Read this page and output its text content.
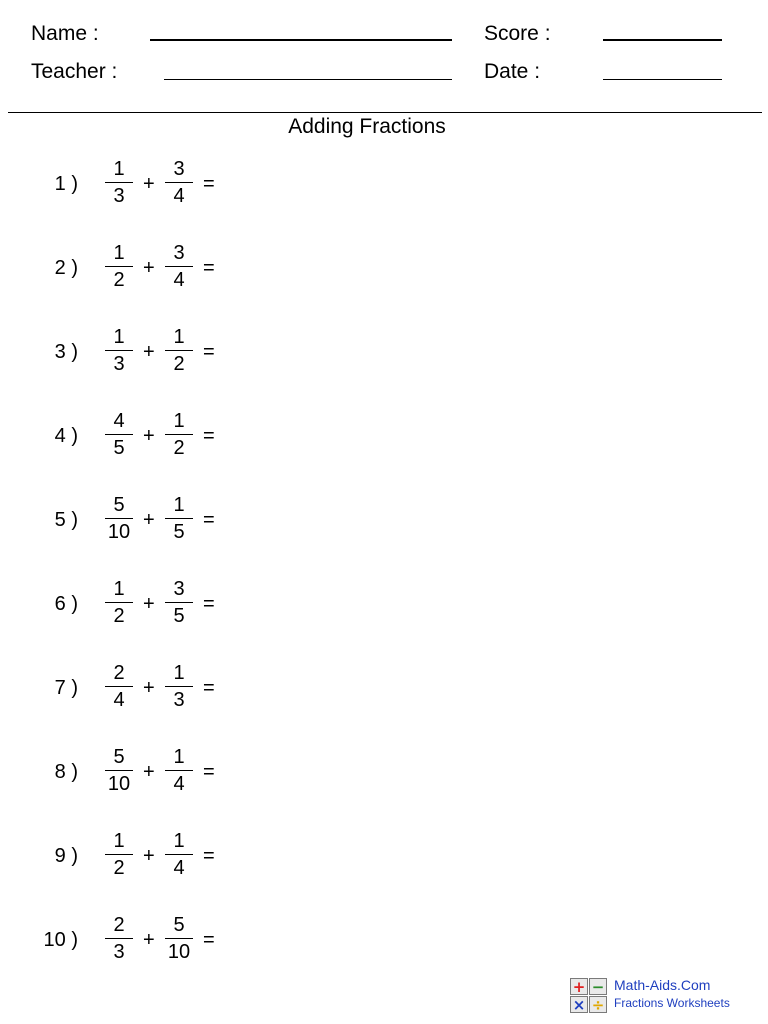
Name :
Teacher :
Score :
Date :
Adding Fractions
1 )
1
3
+
3
4
=
2 )
1
2
+
3
4
=
3 )
1
3
+
1
2
=
4 )
4
5
+
1
2
=
5 )
5
10
+
1
5
=
6 )
1
2
+
3
5
=
7 )
2
4
+
1
3
=
8 )
5
10
+
1
4
=
9 )
1
2
+
1
4
=
10 )
2
3
+
5
10
=
+ −
× ÷
Math-Aids.Com
Fractions Worksheets
